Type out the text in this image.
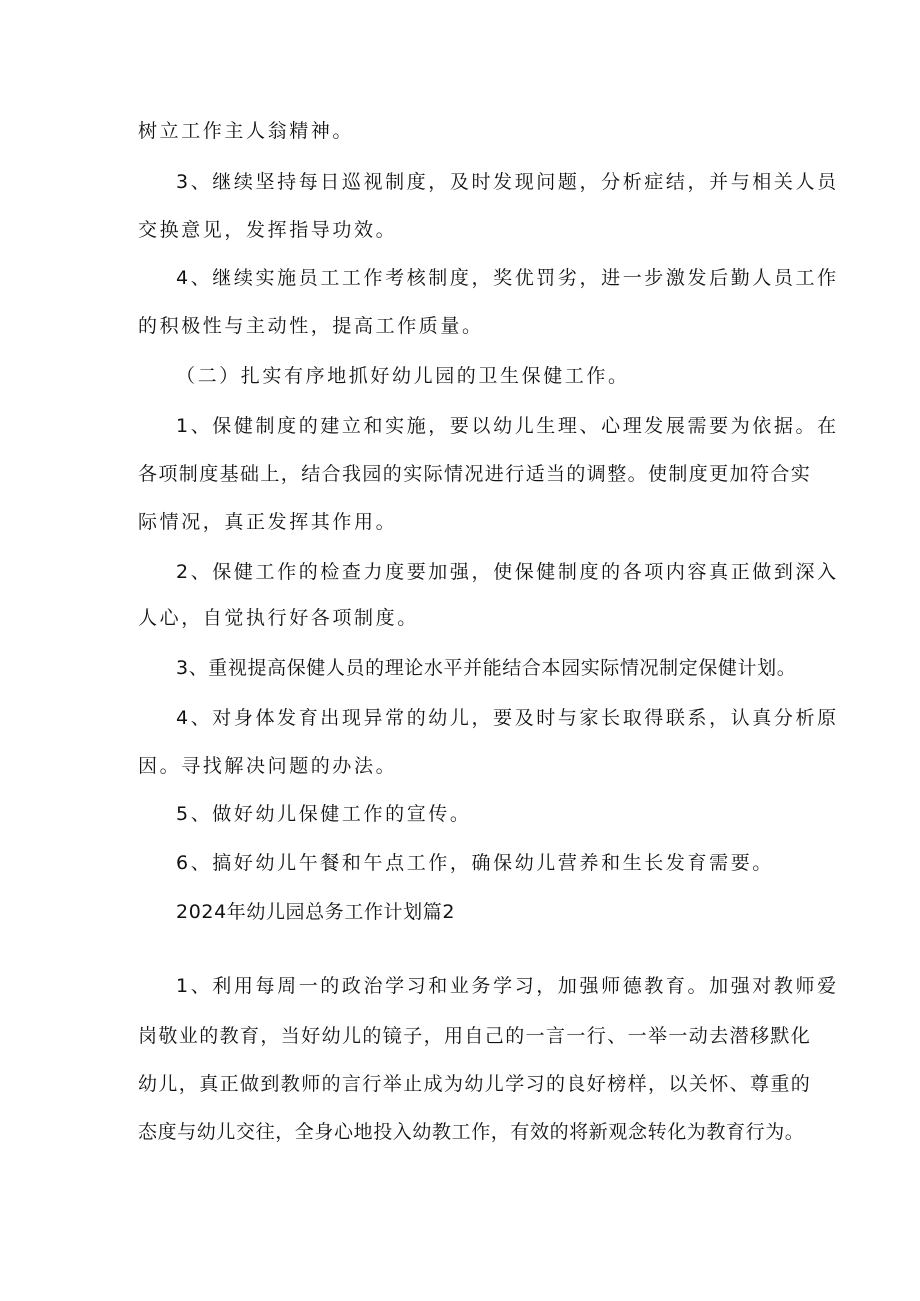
树立工作主人翁精神。
3、继续坚持每日巡视制度，及时发现问题，分析症结，并与相关人员
交换意见，发挥指导功效。
4、继续实施员工工作考核制度，奖优罚劣，进一步激发后勤人员工作
的积极性与主动性，提高工作质量。
（二）扎实有序地抓好幼儿园的卫生保健工作。
1、保健制度的建立和实施，要以幼儿生理、心理发展需要为依据。在
各项制度基础上，结合我园的实际情况进行适当的调整。使制度更加符合实
际情况，真正发挥其作用。
2、保健工作的检查力度要加强，使保健制度的各项内容真正做到深入
人心，自觉执行好各项制度。
3、重视提高保健人员的理论水平并能结合本园实际情况制定保健计划。
4、对身体发育出现异常的幼儿，要及时与家长取得联系，认真分析原
因。寻找解决问题的办法。
5、做好幼儿保健工作的宣传。
6、搞好幼儿午餐和午点工作，确保幼儿营养和生长发育需要。
2024年幼儿园总务工作计划篇2
1、利用每周一的政治学习和业务学习，加强师德教育。加强对教师爱
岗敬业的教育，当好幼儿的镜子，用自己的一言一行、一举一动去潜移默化
幼儿，真正做到教师的言行举止成为幼儿学习的良好榜样，以关怀、尊重的
态度与幼儿交往，全身心地投入幼教工作，有效的将新观念转化为教育行为。
